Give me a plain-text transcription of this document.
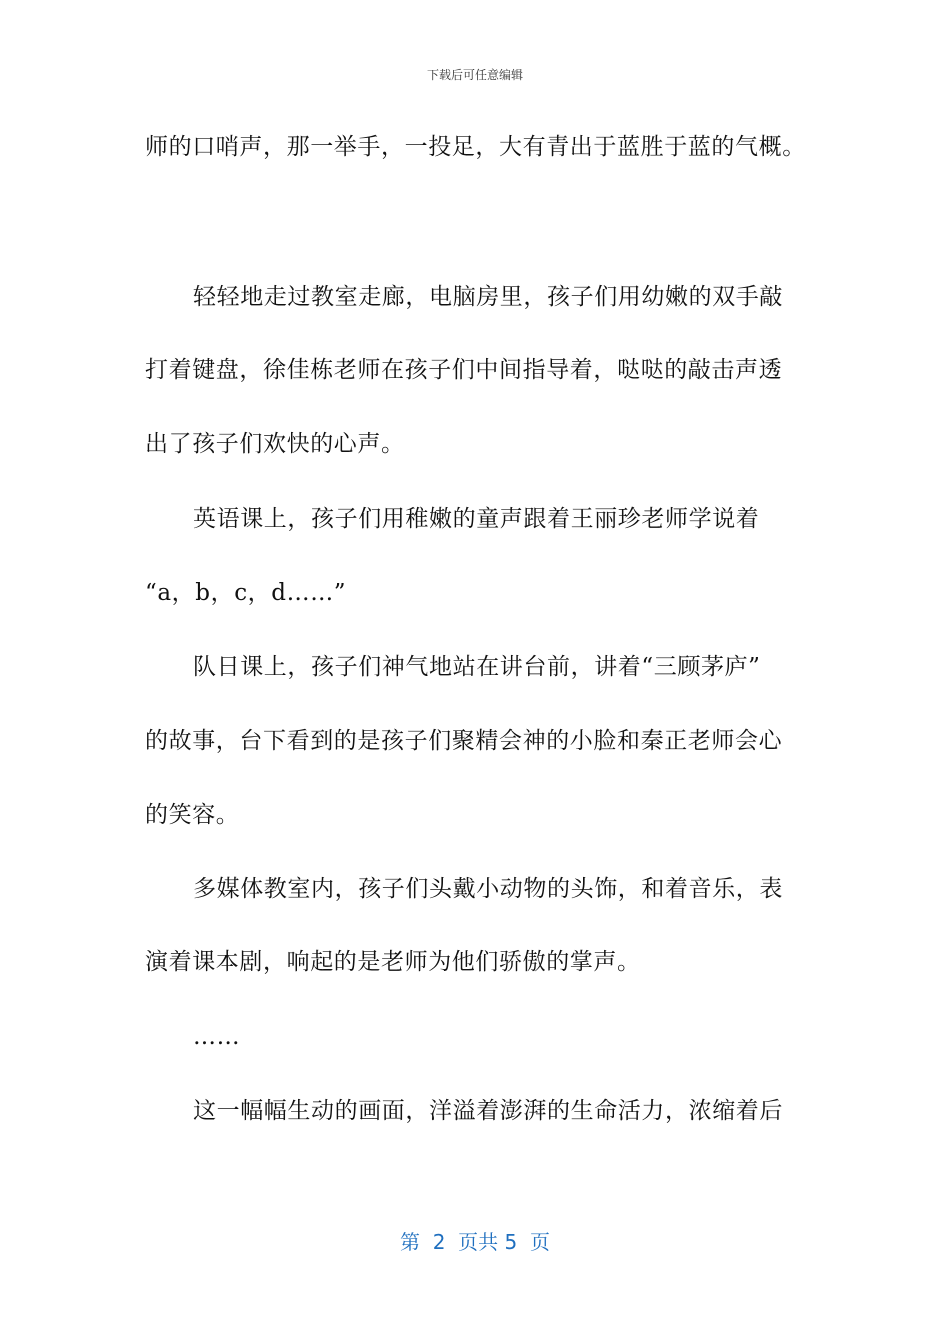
下载后可任意编辑
师的口哨声，那一举手，一投足，大有青出于蓝胜于蓝的气概。
轻轻地走过教室走廊，电脑房里，孩子们用幼嫩的双手敲
打着键盘，徐佳栋老师在孩子们中间指导着，哒哒的敲击声透
出了孩子们欢快的心声。
英语课上，孩子们用稚嫩的童声跟着王丽珍老师学说着
“a，b，c，d……”
队日课上，孩子们神气地站在讲台前，讲着“三顾茅庐”
的故事，台下看到的是孩子们聚精会神的小脸和秦正老师会心
的笑容。
多媒体教室内，孩子们头戴小动物的头饰，和着音乐，表
演着课本剧，响起的是老师为他们骄傲的掌声。
……
这一幅幅生动的画面，洋溢着澎湃的生命活力，浓缩着后
第  2  页共 5  页
